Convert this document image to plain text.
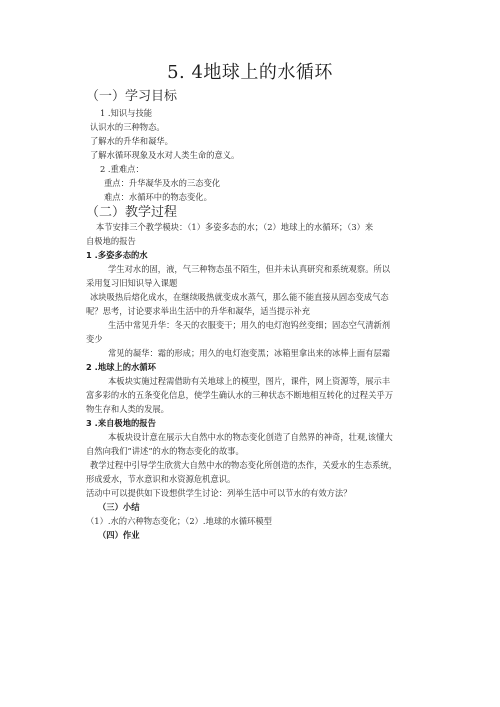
5. 4地球上的水循环
（一）学习目标
1 .知识与技能
认识水的三种物态。
了解水的升华和凝华。
了解水循环现象及水对人类生命的意义。
2 .重难点：
重点：升华凝华及水的三态变化
难点：水循环中的物态变化。
（二）教学过程
本节安排三个教学模块：（1）多姿多态的水；（2）地球上的水循环；（3）来
自极地的报告
1 .多姿多态的水
学生对水的固，液，气三种物态虽不陌生，但并未认真研究和系统观察。所以
采用复习旧知识导入课题
冰块吸热后熔化成水，在继续吸热就变成水蒸气，那么能不能直接从固态变成气态
呢？思考，讨论要求举出生活中的升华和凝华，适当提示补充
生活中常见升华：冬天的衣服变干；用久的电灯泡钨丝变细；固态空气清新剂
变少
常见的凝华：霜的形成；用久的电灯泡变黑；冰箱里拿出来的冰棒上面有层霜
2 .地球上的水循环
本板块实施过程需借助有关地球上的模型，图片，课件，网上资源等，展示丰
富多彩的水的五条变化信息，使学生确认水的三种状态不断地相互转化的过程关乎万
物生存和人类的发展。
3 .来自极地的报告
本板块设计意在展示大自然中水的物态变化创造了自然界的神奇，壮观,该懂大
自然向我们”讲述”的水的物态变化的故事。
教学过程中引导学生欣赏大自然中水的物态变化所创造的杰作，关爱水的生态系统，
形成爱水，节水意识和水资源危机意识。
活动中可以提供如下设想供学生讨论：列举生活中可以节水的有效方法？
（三）小结
（1）.水的六种物态变化；（2）.地球的水循环模型
（四）作业
